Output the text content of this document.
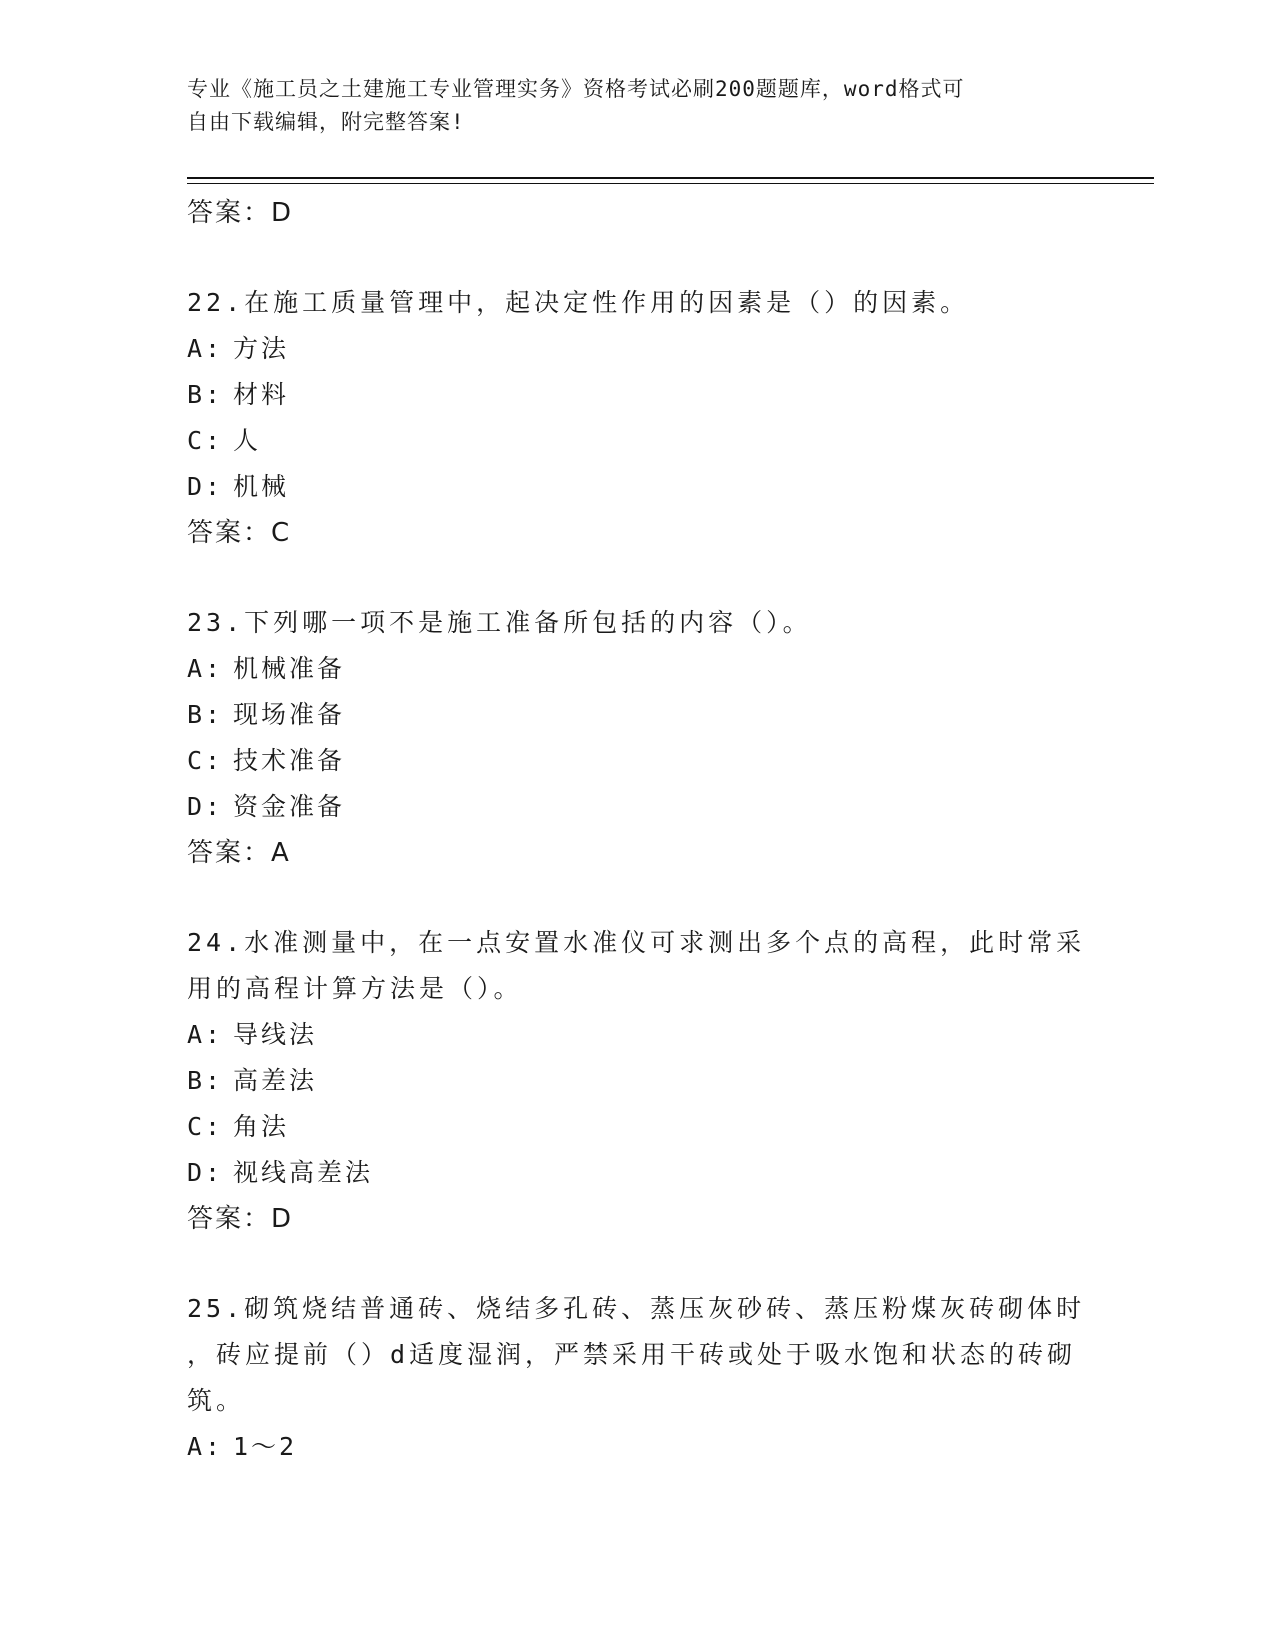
专业《施工员之土建施工专业管理实务》资格考试必刷200题题库，word格式可
自由下载编辑，附完整答案!
答案：D
22.在施工质量管理中，起决定性作用的因素是（）的因素。
A: 方法
B: 材料
C: 人
D: 机械
答案：C
23.下列哪一项不是施工准备所包括的内容（）。
A: 机械准备
B: 现场准备
C: 技术准备
D: 资金准备
答案：A
24.水准测量中，在一点安置水准仪可求测出多个点的高程，此时常采
用的高程计算方法是（）。
A: 导线法
B: 高差法
C: 角法
D: 视线高差法
答案：D
25.砌筑烧结普通砖、烧结多孔砖、蒸压灰砂砖、蒸压粉煤灰砖砌体时
，砖应提前（）d适度湿润，严禁采用干砖或处于吸水饱和状态的砖砌
筑。
A: 1～2
